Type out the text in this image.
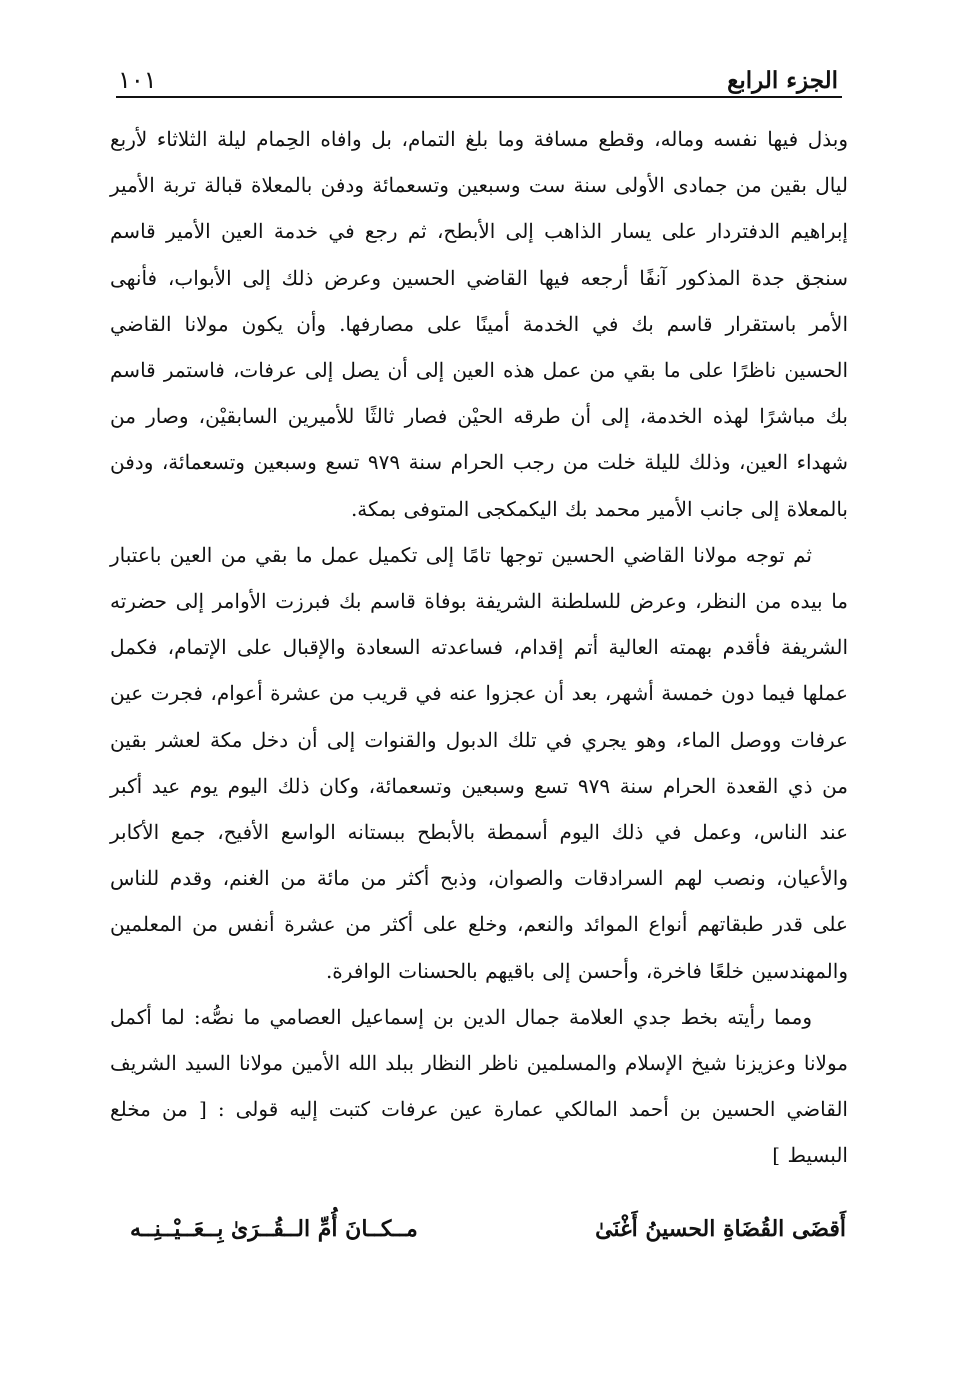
الجزء الرابع
١٠١

وبذل فيها نفسه وماله، وقطع مسافة وما بلغ التمام، بل وافاه الحِمام ليلة الثلاثاء لأربع ليال بقين من جمادى الأولى سنة ست وسبعين وتسعمائة ودفن بالمعلاة قبالة تربة الأمير إبراهيم الدفتردار على يسار الذاهب إلى الأبطح، ثم رجع في خدمة العين الأمير قاسم سنجق جدة المذكور آنفًا أرجعه فيها القاضي الحسين وعرض ذلك إلى الأبواب، فأنهى الأمر باستقرار قاسم بك في الخدمة أمينًا على مصارفها. وأن يكون مولانا القاضي الحسين ناظرًا على ما بقي من عمل هذه العين إلى أن يصل إلى عرفات، فاستمر قاسم بك مباشرًا لهذه الخدمة، إلى أن طرقه الحيْن فصار ثالثًا للأميرين السابقيْن، وصار من شهداء العين، وذلك لليلة خلت من رجب الحرام سنة ٩٧٩ تسع وسبعين وتسعمائة، ودفن بالمعلاة إلى جانب الأمير محمد بك اليكمكجى المتوفى بمكة.

ثم توجه مولانا القاضي الحسين توجها تامًا إلى تكميل عمل ما بقي من العين باعتبار ما بيده من النظر، وعرض للسلطنة الشريفة بوفاة قاسم بك فبرزت الأوامر إلى حضرته الشريفة فأقدم بهمته العالية أتم إقدام، فساعدته السعادة والإقبال على الإتمام، فكمل عملها فيما دون خمسة أشهر، بعد أن عجزوا عنه في قريب من عشرة أعوام، فجرت عين عرفات ووصل الماء، وهو يجري في تلك الدبول والقنوات إلى أن دخل مكة لعشر بقين من ذي القعدة الحرام سنة ٩٧٩ تسع وسبعين وتسعمائة، وكان ذلك اليوم يوم عيد أكبر عند الناس، وعمل في ذلك اليوم أسمطة بالأبطح ببستانه الواسع الأفيح، جمع الأكابر والأعيان، ونصب لهم السرادقات والصوان، وذبح أكثر من مائة من الغنم، وقدم للناس على قدر طبقاتهم أنواع الموائد والنعم، وخلع على أكثر من عشرة أنفس من المعلمين والمهندسين خلعًا فاخرة، وأحسن إلى باقيهم بالحسنات الوافرة.

ومما رأيته بخط جدي العلامة جمال الدين بن إسماعيل العصامي ما نصُّه: لما أكمل مولانا وعزيزنا شيخ الإسلام والمسلمين ناظر النظار ببلد الله الأمين مولانا السيد الشريف القاضي الحسين بن أحمد المالكي عمارة عين عرفات كتبت إليه قولى : [ من مخلع البسيط ]

أَقضَى القُضَاةِ الحسينُ أَغْنَىٰ
مــكــانَ أُمِّ الــقُــرَىٰ بِــعَــيْــنِــه
